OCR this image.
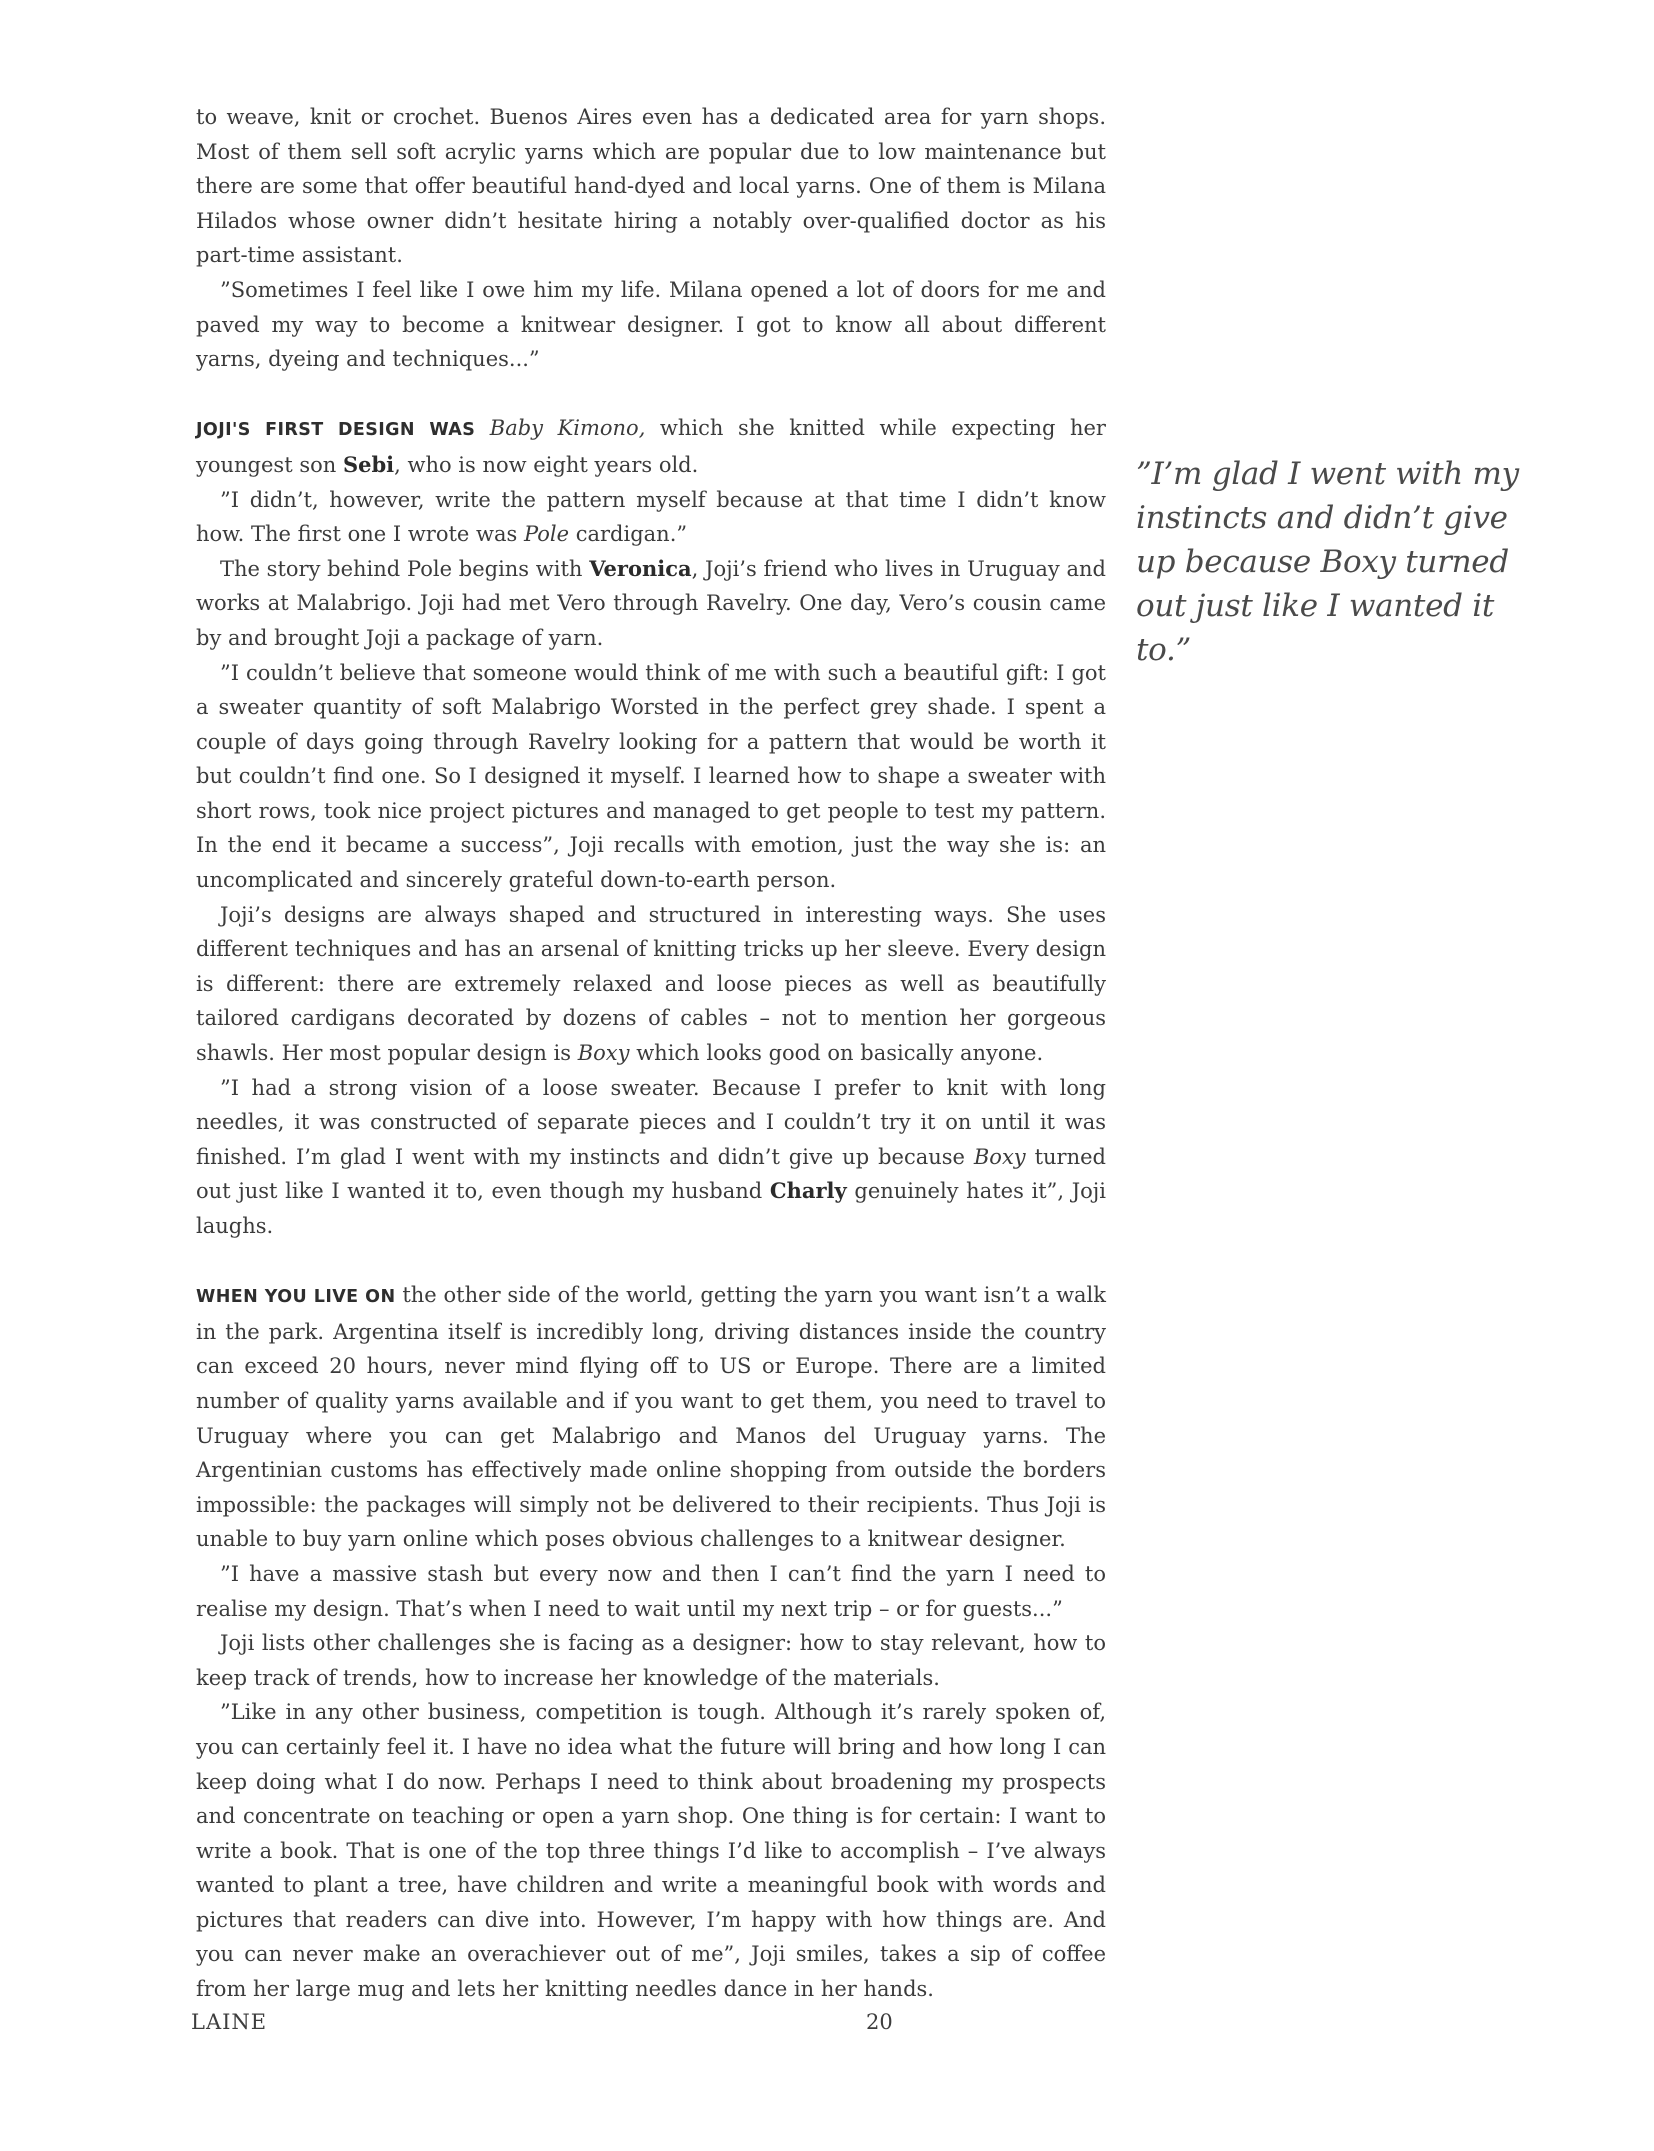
to weave, knit or crochet. Buenos Aires even has a dedicated area for yarn shops. Most of them sell soft acrylic yarns which are popular due to low maintenance but there are some that offer beautiful hand-dyed and local yarns. One of them is Milana Hilados whose owner didn’t hesitate hiring a notably over-qualified doctor as his part-time assistant.

”Sometimes I feel like I owe him my life. Milana opened a lot of doors for me and paved my way to become a knitwear designer. I got to know all about different yarns, dyeing and techniques...”

JOJI'S FIRST DESIGN WAS Baby Kimono, which she knitted while expecting her youngest son Sebi, who is now eight years old.

”I didn’t, however, write the pattern myself because at that time I didn’t know how. The first one I wrote was Pole cardigan.”

The story behind Pole begins with Veronica, Joji’s friend who lives in Uruguay and works at Malabrigo. Joji had met Vero through Ravelry. One day, Vero’s cousin came by and brought Joji a package of yarn.

”I couldn’t believe that someone would think of me with such a beautiful gift: I got a sweater quantity of soft Malabrigo Worsted in the perfect grey shade. I spent a couple of days going through Ravelry looking for a pattern that would be worth it but couldn’t find one. So I designed it myself. I learned how to shape a sweater with short rows, took nice project pictures and managed to get people to test my pattern. In the end it became a success”, Joji recalls with emotion, just the way she is: an uncomplicated and sincerely grateful down-to-earth person.

Joji’s designs are always shaped and structured in interesting ways. She uses different techniques and has an arsenal of knitting tricks up her sleeve. Every design is different: there are extremely relaxed and loose pieces as well as beautifully tailored cardigans decorated by dozens of cables – not to mention her gorgeous shawls. Her most popular design is Boxy which looks good on basically anyone.

”I had a strong vision of a loose sweater. Because I prefer to knit with long needles, it was constructed of separate pieces and I couldn’t try it on until it was finished. I’m glad I went with my instincts and didn’t give up because Boxy turned out just like I wanted it to, even though my husband Charly genuinely hates it”, Joji laughs.

WHEN YOU LIVE ON the other side of the world, getting the yarn you want isn’t a walk in the park. Argentina itself is incredibly long, driving distances inside the country can exceed 20 hours, never mind flying off to US or Europe. There are a limited number of quality yarns available and if you want to get them, you need to travel to Uruguay where you can get Malabrigo and Manos del Uruguay yarns. The Argentinian customs has effectively made online shopping from outside the borders impossible: the packages will simply not be delivered to their recipients. Thus Joji is unable to buy yarn online which poses obvious challenges to a knitwear designer.

”I have a massive stash but every now and then I can’t find the yarn I need to realise my design. That’s when I need to wait until my next trip – or for guests...”

Joji lists other challenges she is facing as a designer: how to stay relevant, how to keep track of trends, how to increase her knowledge of the materials.

”Like in any other business, competition is tough. Although it’s rarely spoken of, you can certainly feel it. I have no idea what the future will bring and how long I can keep doing what I do now. Perhaps I need to think about broadening my prospects and concentrate on teaching or open a yarn shop. One thing is for certain: I want to write a book. That is one of the top three things I’d like to accomplish – I’ve always wanted to plant a tree, have children and write a meaningful book with words and pictures that readers can dive into. However, I’m happy with how things are. And you can never make an overachiever out of me”, Joji smiles, takes a sip of coffee from her large mug and lets her knitting needles dance in her hands.

”I’m glad I went with my instincts and didn’t give up because Boxy turned out just like I wanted it to.”
LAINE	20
